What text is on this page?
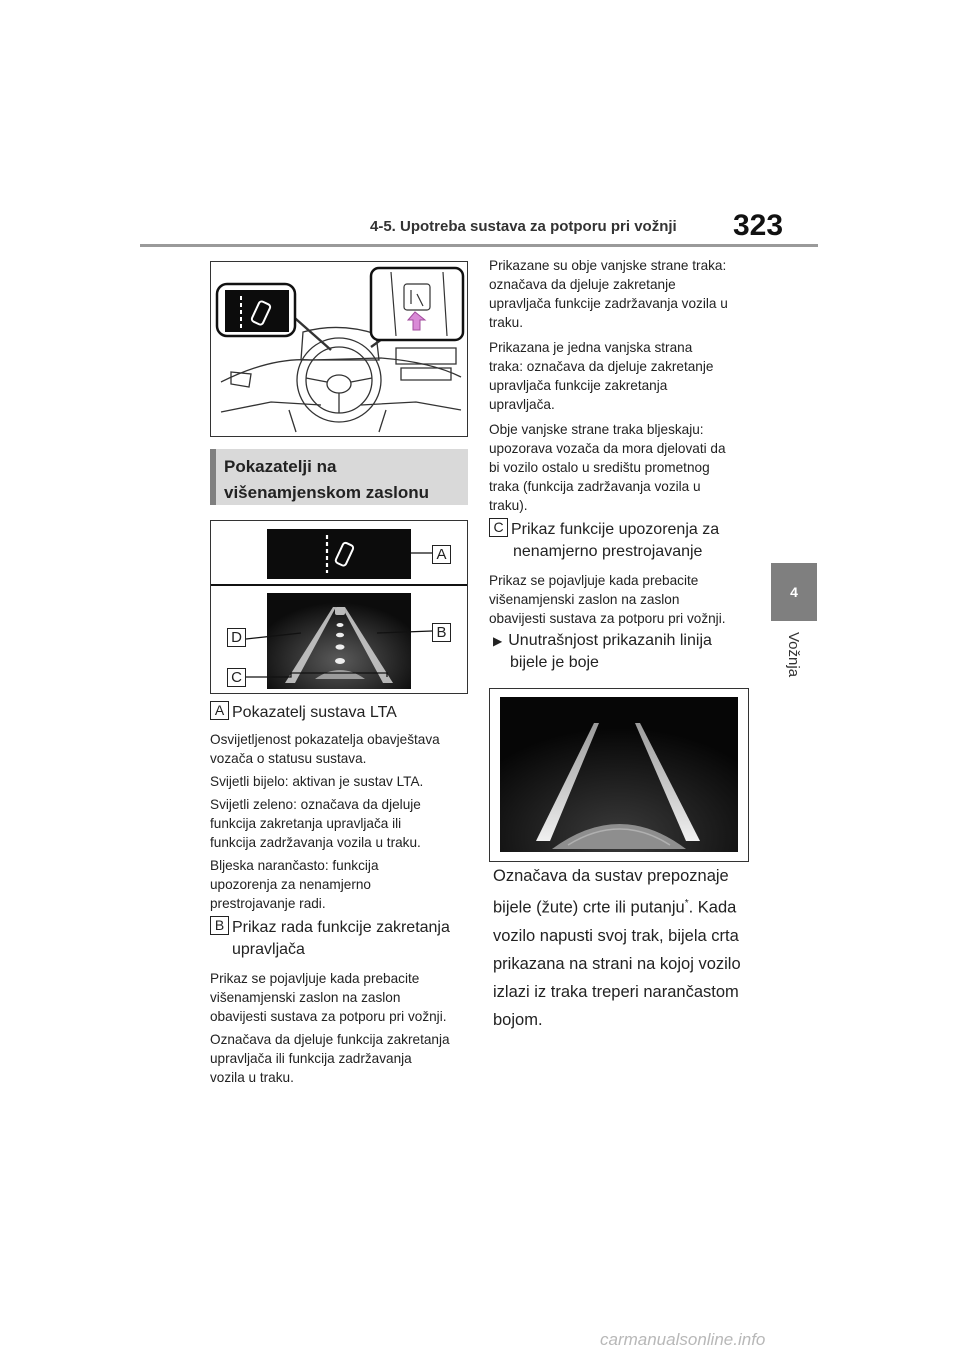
4-5. Upotreba sustava za potporu pri vožnji 323
4
Vožnja
Pokazatelji na
višenamjenskom zaslonu
A
B
D
C
A Pokazatelj sustava LTA
Osvijetljenost pokazatelja obavještava
vozača o statusu sustava.
Svijetli bijelo: aktivan je sustav LTA.
Svijetli zeleno: označava da djeluje
funkcija zakretanja upravljača ili
funkcija zadržavanja vozila u traku.
Bljeska narančasto: funkcija
upozorenja za nenamjerno
prestrojavanje radi.
B Prikaz rada funkcije zakretanja
upravljača
Prikaz se pojavljuje kada prebacite
višenamjenski zaslon na zaslon
obavijesti sustava za potporu pri vožnji.
Označava da djeluje funkcija zakretanja
upravljača ili funkcija zadržavanja
vozila u traku.
Prikazane su obje vanjske strane traka:
označava da djeluje zakretanje
upravljača funkcije zadržavanja vozila u
traku.
Prikazana je jedna vanjska strana
traka: označava da djeluje zakretanje
upravljača funkcije zakretanja
upravljača.
Obje vanjske strane traka bljeskaju:
upozorava vozača da mora djelovati da
bi vozilo ostalo u središtu prometnog
traka (funkcija zadržavanja vozila u
traku).
C Prikaz funkcije upozorenja za
nenamjerno prestrojavanje
Prikaz se pojavljuje kada prebacite
višenamjenski zaslon na zaslon
obavijesti sustava za potporu pri vožnji.
▶ Unutrašnjost prikazanih linija
bijele je boje
Označava da sustav prepoznaje
bijele (žute) crte ili putanju*. Kada
vozilo napusti svoj trak, bijela crta
prikazana na strani na kojoj vozilo
izlazi iz traka treperi narančastom
bojom.
carmanualsonline.info
